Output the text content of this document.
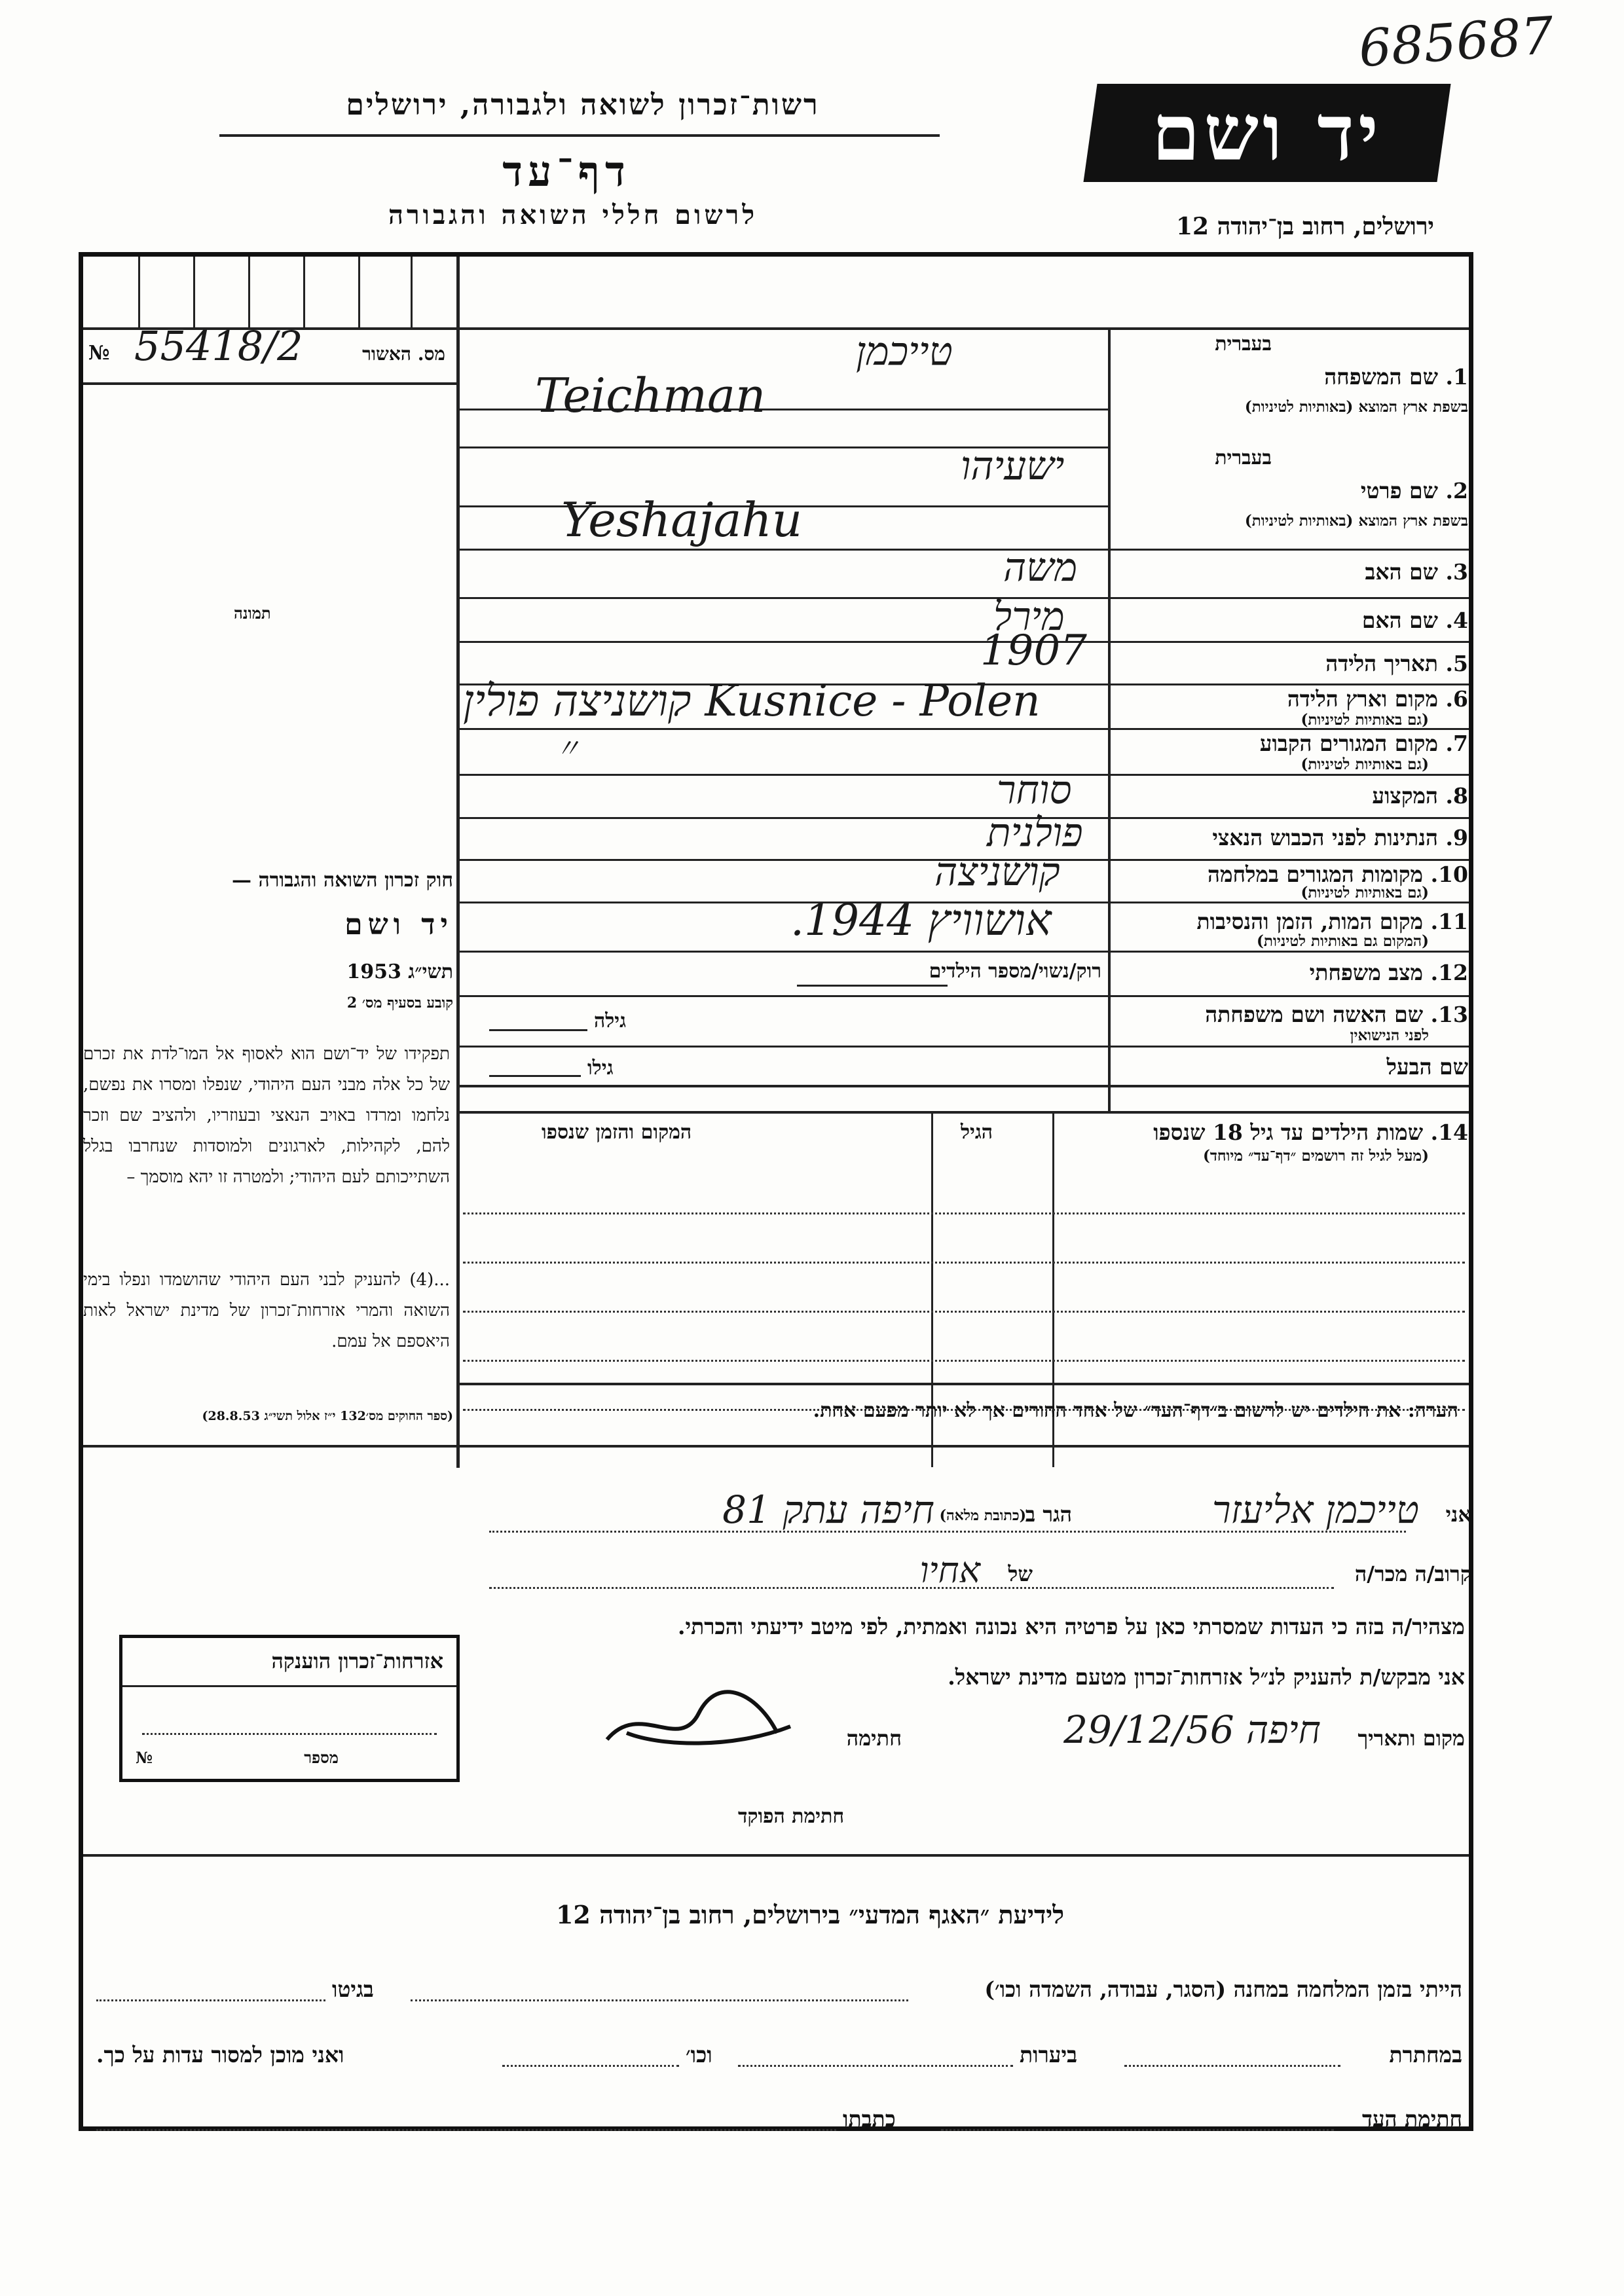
685687
יד ושם
רשות־זכרון לשואה ולגבורה, ירושלים
דף־עד
לרשום חללי השואה והגבורה	ירושלים, רחוב בן־יהודה 12
№ 55418/2	מס. האשור
תמונה
חוק זכרון השואה והגבורה —
יד ושם
תשי״ג 1953
קובע בסעיף מס׳ 2
תפקידו של יד־ושם הוא לאסוף אל המו־לדת את זכרם של כל אלה מבני העם היהודי, שנפלו ומסרו את נפשם, נלחמו ומרדו באויב הנאצי ובעוזריו, ולהציב שם וזכר להם, לקהילות, לארגונים ולמוסדות שנחרבו בגלל השתייכותם לעם היהודי; ולמטרה זו יהא מוסמך –
...(4) להעניק לבני העם היהודי שהושמדו ונפלו בימי השואה והמרי אזרחות־זכרון של מדינת ישראל לאות היאספם אל עמם.
(ספר החוקים מס׳132 י״ז אלול תשי״ג 28.8.53)
בעברית
1. שם המשפחה
בשפת ארץ המוצא (באותיות לטיניות)
טייכמן
Teichman
בעברית
2. שם פרטי
בשפת ארץ המוצא (באותיות לטיניות)
ישעיהו
Yeshajahu
3. שם האב
משה
4. שם האם
מירל
5. תאריך הלידה
1907
6. מקום וארץ הלידה
(גם באותיות לטיניות)
קושניצה פולין Kusnice - Polen
7. מקום המגורים הקבוע
(גם באותיות לטיניות)
〃
8. המקצוע
סוחר
9. הנתינות לפני הכבוש הנאצי
פולנית
10. מקומות המגורים במלחמה
(גם באותיות לטיניות)
קושניצה
11. מקום המות, הזמן והנסיבות
(המקום גם באותיות לטיניות)
אושוויץ 1944.
12. מצב משפחתי
רוק/נשוי/מספר הילדים
13. שם האשה ושם משפחתה
לפני הנישואין
גילה
שם הבעל
גילו
14. שמות הילדים עד גיל 18 שנספו
(מעל לגיל זה רושמים ״דף־עד״ מיוחד)
הגיל
המקום והזמן שנספו
הערה: את הילדים יש לרשום ב״דף־העד״ של אחד ההורים אך לא יותר מפעם אחת.
אני
טייכמן אליעזר
הגר ב
(כתובת מלאה)
חיפה עתק 81
קרוב/ה מכר/ה
של
אחיו
מצהיר/ה בזה כי העדות שמסרתי כאן על פרטיה היא נכונה ואמתית, לפי מיטב ידיעתי והכרתי.
אני מבקש/ת להעניק לנ״ל אזרחות־זכרון מטעם מדינת ישראל.
מקום ותאריך
חיפה 29/12/56
חתימה
חתימת הפוקד
אזרחות־זכרון הוענקה
מספר
№
לידיעת ״האגף המדעי״ בירושלים, רחוב בן־יהודה 12
הייתי בזמן המלחמה במחנה (הסגר, עבודה, השמדה וכו׳)
בגיטו
במחתרת
ביערות
וכו׳
ואני מוכן למסור עדות על כך.
חתימת העד
כתבתו
